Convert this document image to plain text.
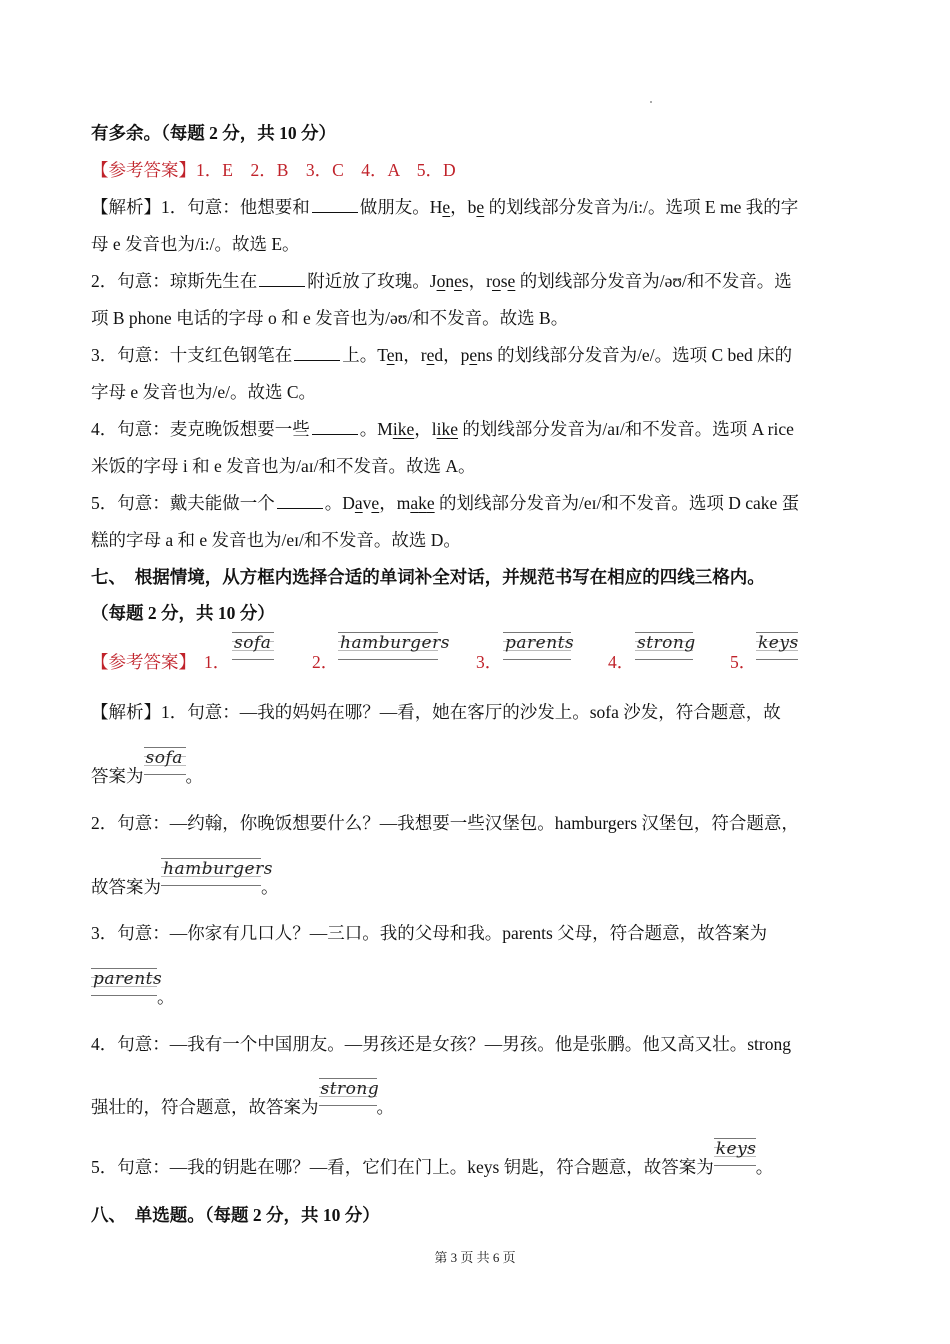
有多余。（每题 2 分，共 10 分）
【参考答案】1．E　2．B　3．C　4．A　5．D
【解析】1．句意：他想要和	做朋友。He，be 的划线部分发音为/i:/。选项 E me 我的字
母 e 发音也为/i:/。故选 E。
2．句意：琼斯先生在	附近放了玫瑰。Jones，rose 的划线部分发音为/əʊ/和不发音。选
项 B phone 电话的字母 o 和 e 发音也为/əʊ/和不发音。故选 B。
3．句意：十支红色钢笔在	上。Ten，red，pens 的划线部分发音为/e/。选项 C bed 床的
字母 e 发音也为/e/。故选 C。
4．句意：麦克晚饭想要一些	。Mike，like 的划线部分发音为/aɪ/和不发音。选项 A rice
米饭的字母 i 和 e 发音也为/aɪ/和不发音。故选 A。
5．句意：戴夫能做一个	。Dave，make 的划线部分发音为/eɪ/和不发音。选项 D cake 蛋
糕的字母 a 和 e 发音也为/eɪ/和不发音。故选 D。
七、　根据情境，从方框内选择合适的单词补全对话，并规范书写在相应的四线三格内。
（每题 2 分，共 10 分）
【参考答案】 1．
sofa
2．
hamburgers
3．
parents
4．
strong
5．
keys
【解析】1．句意：—我的妈妈在哪？—看，她在客厅的沙发上。sofa 沙发，符合题意，故
答案为
sofa
。
2．句意：—约翰，你晚饭想要什么？—我想要一些汉堡包。hamburgers 汉堡包，符合题意，
故答案为
hamburgers
。
3．句意：—你家有几口人？—三口。我的父母和我。parents 父母，符合题意，故答案为
parents
。
4．句意：—我有一个中国朋友。—男孩还是女孩？—男孩。他是张鹏。他又高又壮。strong
强壮的，符合题意，故答案为
strong
。
5．句意：—我的钥匙在哪？—看，它们在门上。keys 钥匙，符合题意，故答案为
keys
。
八、　单选题。（每题 2 分，共 10 分）
第 3 页 共 6 页
